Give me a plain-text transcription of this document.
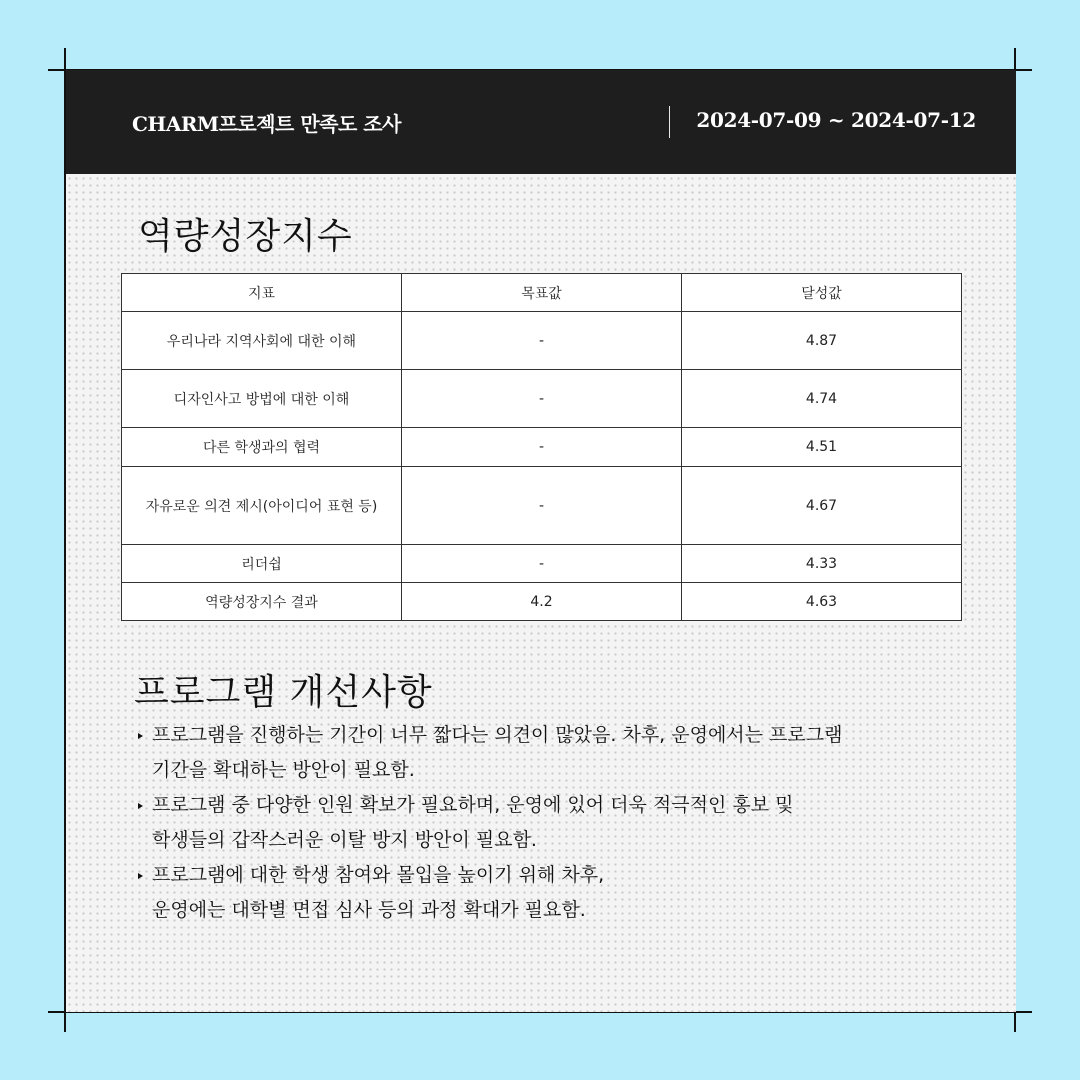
CHARM프로젝트 만족도 조사	2024-07-09 ~ 2024-07-12
역량성장지수
지표	목표값	달성값
우리나라 지역사회에 대한 이해	-	4.87
디자인사고 방법에 대한 이해	-	4.74
다른 학생과의 협력	-	4.51
자유로운 의견 제시(아이디어 표현 등)	-	4.67
리더쉽	-	4.33
역량성장지수 결과	4.2	4.63
프로그램 개선사항
프로그램을 진행하는 기간이 너무 짧다는 의견이 많았음. 차후, 운영에서는 프로그램
기간을 확대하는 방안이 필요함.
프로그램 중 다양한 인원 확보가 필요하며, 운영에 있어 더욱 적극적인 홍보 및
학생들의 갑작스러운 이탈 방지 방안이 필요함.
프로그램에 대한 학생 참여와 몰입을 높이기 위해 차후,
운영에는 대학별 면접 심사 등의 과정 확대가 필요함.
